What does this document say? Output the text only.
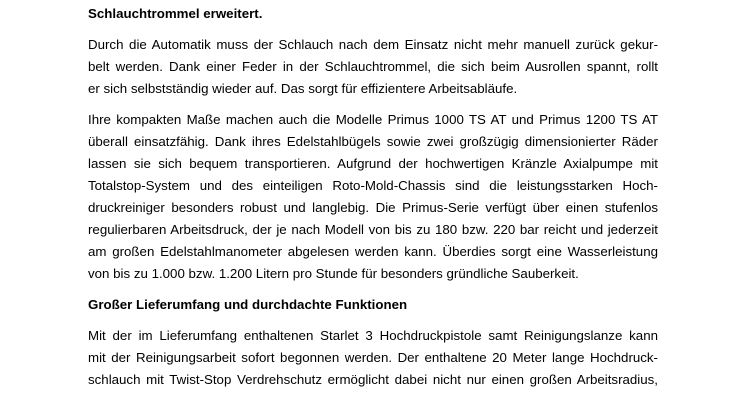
Schlauchtrommel erweitert.
Durch die Automatik muss der Schlauch nach dem Einsatz nicht mehr manuell zurück gekur-
belt werden. Dank einer Feder in der Schlauchtrommel, die sich beim Ausrollen spannt, rollt
er sich selbstständig wieder auf. Das sorgt für effizientere Arbeitsabläufe.
Ihre kompakten Maße machen auch die Modelle Primus 1000 TS AT und Primus 1200 TS AT
überall einsatzfähig. Dank ihres Edelstahlbügels sowie zwei großzügig dimensionierter Räder
lassen sie sich bequem transportieren. Aufgrund der hochwertigen Kränzle Axialpumpe mit
Totalstop-System und des einteiligen Roto-Mold-Chassis sind die leistungsstarken Hoch-
druckreiniger besonders robust und langlebig. Die Primus-Serie verfügt über einen stufenlos
regulierbaren Arbeitsdruck, der je nach Modell von bis zu 180 bzw. 220 bar reicht und jederzeit
am großen Edelstahlmanometer abgelesen werden kann. Überdies sorgt eine Wasserleistung
von bis zu 1.000 bzw. 1.200 Litern pro Stunde für besonders gründliche Sauberkeit.
Großer Lieferumfang und durchdachte Funktionen
Mit der im Lieferumfang enthaltenen Starlet 3 Hochdruckpistole samt Reinigungslanze kann
mit der Reinigungsarbeit sofort begonnen werden. Der enthaltene 20 Meter lange Hochdruck-
schlauch mit Twist-Stop Verdrehschutz ermöglicht dabei nicht nur einen großen Arbeitsradius,
